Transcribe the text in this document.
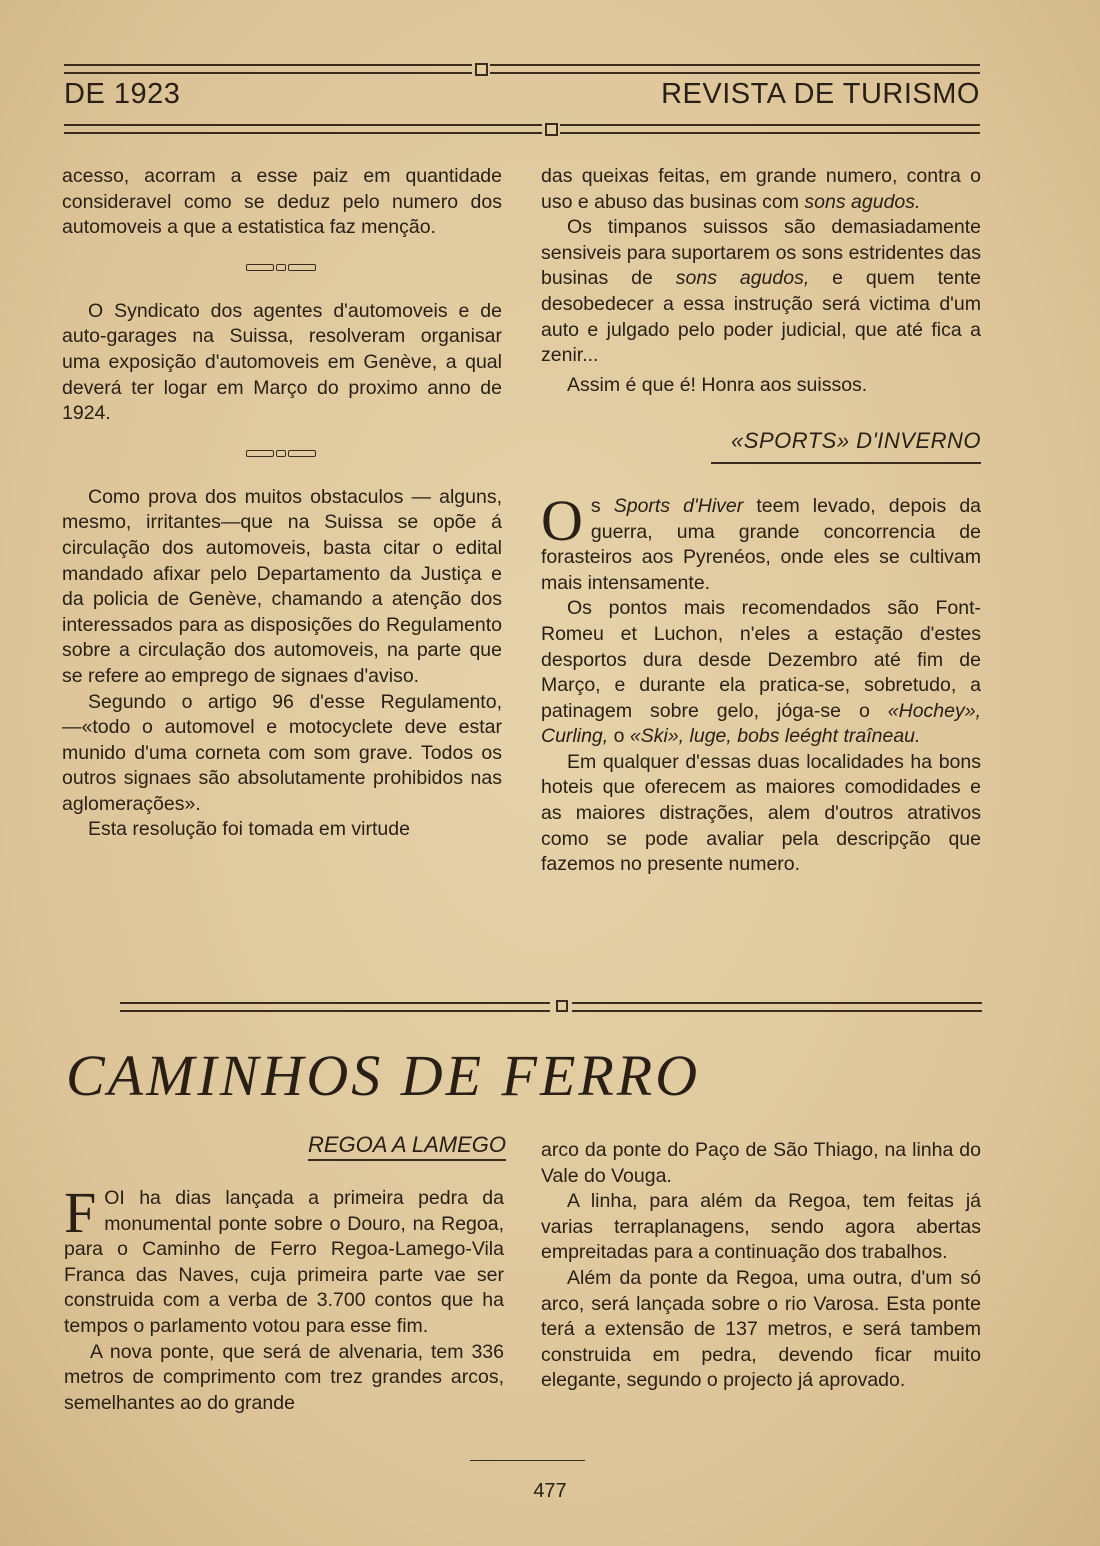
DE 1923	REVISTA DE TURISMO

acesso, acorram a esse paiz em quantidade consideravel como se deduz pelo numero dos automoveis a que a estatistica faz menção.

O Syndicato dos agentes d'automoveis e de auto-garages na Suissa, resolveram organisar uma exposição d'automoveis em Genève, a qual deverá ter logar em Março do proximo anno de 1924.

Como prova dos muitos obstaculos — alguns, mesmo, irritantes—que na Suissa se opõe á circulação dos automoveis, basta citar o edital mandado afixar pelo Departamento da Justiça e da policia de Genève, chamando a atenção dos interessados para as disposições do Regulamento sobre a circulação dos automoveis, na parte que se refere ao emprego de signaes d'aviso.

Segundo o artigo 96 d'esse Regulamento,—«todo o automovel e motocyclete deve estar munido d'uma corneta com som grave. Todos os outros signaes são absolutamente prohibidos nas aglomerações».

Esta resolução foi tomada em virtude

das queixas feitas, em grande numero, contra o uso e abuso das businas com sons agudos.

Os timpanos suissos são demasiadamente sensiveis para suportarem os sons estridentes das businas de sons agudos, e quem tente desobedecer a essa instrução será victima d'um auto e julgado pelo poder judicial, que até fica a zenir...

Assim é que é! Honra aos suissos.

«SPORTS» D'INVERNO

O s Sports d'Hiver teem levado, depois da guerra, uma grande concorrencia de forasteiros aos Pyrenéos, onde eles se cultivam mais intensamente.

Os pontos mais recomendados são Font-Romeu et Luchon, n'eles a estação d'estes desportos dura desde Dezembro até fim de Março, e durante ela pratica-se, sobretudo, a patinagem sobre gelo, jóga-se o «Hochey», Curling, o «Ski», luge, bobs leéght traîneau.

Em qualquer d'essas duas localidades ha bons hoteis que oferecem as maiores comodidades e as maiores distrações, alem d'outros atrativos como se pode avaliar pela descripção que fazemos no presente numero.

CAMINHOS DE FERRO
REGOA A LAMEGO

F OI ha dias lançada a primeira pedra da monumental ponte sobre o Douro, na Regoa, para o Caminho de Ferro Regoa-Lamego-Vila Franca das Naves, cuja primeira parte vae ser construida com a verba de 3.700 contos que ha tempos o parlamento votou para esse fim.

A nova ponte, que será de alvenaria, tem 336 metros de comprimento com trez grandes arcos, semelhantes ao do grande

arco da ponte do Paço de São Thiago, na linha do Vale do Vouga.

A linha, para além da Regoa, tem feitas já varias terraplanagens, sendo agora abertas empreitadas para a continuação dos trabalhos.

Além da ponte da Regoa, uma outra, d'um só arco, será lançada sobre o rio Varosa. Esta ponte terá a extensão de 137 metros, e será tambem construida em pedra, devendo ficar muito elegante, segundo o projecto já aprovado.

477
